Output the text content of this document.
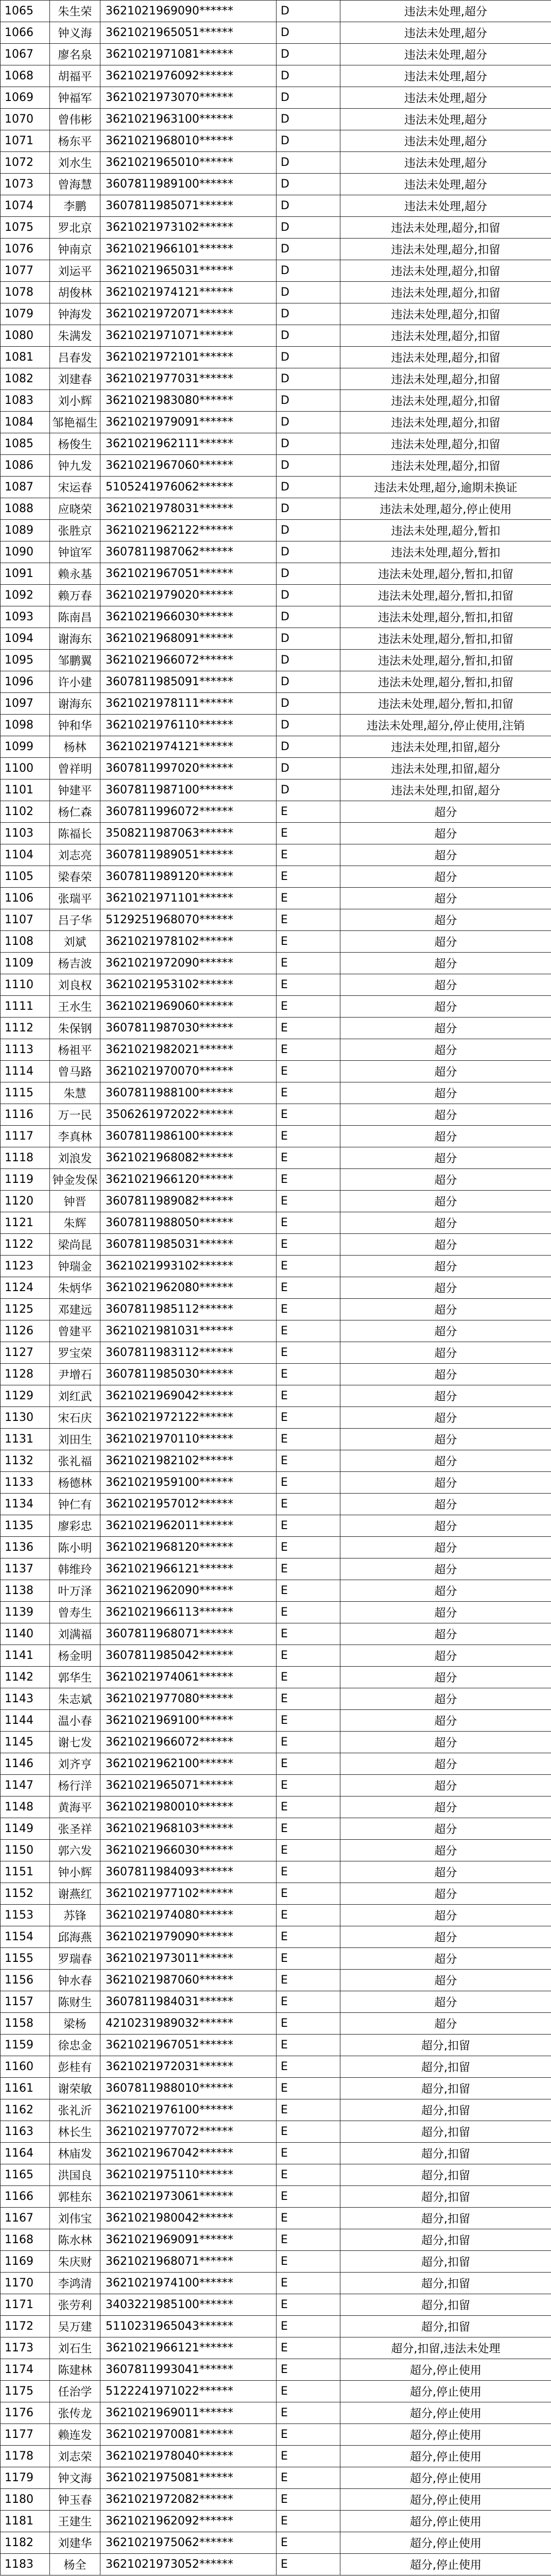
1065	朱生荣	3621021969090******	D	违法未处理,超分
1066	钟义海	3621021965051******	D	违法未处理,超分
1067	廖名泉	3621021971081******	D	违法未处理,超分
1068	胡福平	3621021976092******	D	违法未处理,超分
1069	钟福军	3621021973070******	D	违法未处理,超分
1070	曾伟彬	3621021963100******	D	违法未处理,超分
1071	杨东平	3621021968010******	D	违法未处理,超分
1072	刘水生	3621021965010******	D	违法未处理,超分
1073	曾海慧	3607811989100******	D	违法未处理,超分
1074	李鹏	3607811985071******	D	违法未处理,超分
1075	罗北京	3621021973102******	D	违法未处理,超分,扣留
1076	钟南京	3621021966101******	D	违法未处理,超分,扣留
1077	刘运平	3621021965031******	D	违法未处理,超分,扣留
1078	胡俊林	3621021974121******	D	违法未处理,超分,扣留
1079	钟海发	3621021972071******	D	违法未处理,超分,扣留
1080	朱满发	3621021971071******	D	违法未处理,超分,扣留
1081	吕春发	3621021972101******	D	违法未处理,超分,扣留
1082	刘建春	3621021977031******	D	违法未处理,超分,扣留
1083	刘小辉	3621021983080******	D	违法未处理,超分,扣留
1084	邹艳福生	3621021979091******	D	违法未处理,超分,扣留
1085	杨俊生	3621021962111******	D	违法未处理,超分,扣留
1086	钟九发	3621021967060******	D	违法未处理,超分,扣留
1087	宋运春	5105241976062******	D	违法未处理,超分,逾期未换证
1088	应晓荣	3621021978031******	D	违法未处理,超分,停止使用
1089	张胜京	3621021962122******	D	违法未处理,超分,暂扣
1090	钟谊军	3607811987062******	D	违法未处理,超分,暂扣
1091	赖永基	3621021967051******	D	违法未处理,超分,暂扣,扣留
1092	赖万春	3621021979020******	D	违法未处理,超分,暂扣,扣留
1093	陈南昌	3621021966030******	D	违法未处理,超分,暂扣,扣留
1094	谢海东	3621021968091******	D	违法未处理,超分,暂扣,扣留
1095	邹鹏翼	3621021966072******	D	违法未处理,超分,暂扣,扣留
1096	许小建	3607811985091******	D	违法未处理,超分,暂扣,扣留
1097	谢海东	3621021978111******	D	违法未处理,超分,暂扣,扣留
1098	钟和华	3621021976110******	D	违法未处理,超分,停止使用,注销
1099	杨林	3621021974121******	D	违法未处理,扣留,超分
1100	曾祥明	3607811997020******	D	违法未处理,扣留,超分
1101	钟建平	3607811987100******	D	违法未处理,扣留,超分
1102	杨仁森	3607811996072******	E	超分
1103	陈福长	3508211987063******	E	超分
1104	刘志亮	3607811989051******	E	超分
1105	梁春荣	3607811989120******	E	超分
1106	张瑞平	3621021971101******	E	超分
1107	吕子华	5129251968070******	E	超分
1108	刘斌	3621021978102******	E	超分
1109	杨吉波	3621021972090******	E	超分
1110	刘良权	3621021953102******	E	超分
1111	王水生	3621021969060******	E	超分
1112	朱保钢	3607811987030******	E	超分
1113	杨祖平	3621021982021******	E	超分
1114	曾马路	3621021970070******	E	超分
1115	朱慧	3607811988100******	E	超分
1116	万一民	3506261972022******	E	超分
1117	李真林	3607811986100******	E	超分
1118	刘浪发	3621021968082******	E	超分
1119	钟金发保	3621021966120******	E	超分
1120	钟晋	3607811989082******	E	超分
1121	朱辉	3607811988050******	E	超分
1122	梁尚昆	3607811985031******	E	超分
1123	钟瑞金	3621021993102******	E	超分
1124	朱炳华	3621021962080******	E	超分
1125	邓建远	3607811985112******	E	超分
1126	曾建平	3621021981031******	E	超分
1127	罗宝荣	3607811983112******	E	超分
1128	尹增石	3607811985030******	E	超分
1129	刘红武	3621021969042******	E	超分
1130	宋石庆	3621021972122******	E	超分
1131	刘田生	3621021970110******	E	超分
1132	张礼福	3621021982102******	E	超分
1133	杨德林	3621021959100******	E	超分
1134	钟仁有	3621021957012******	E	超分
1135	廖彩忠	3621021962011******	E	超分
1136	陈小明	3621021968120******	E	超分
1137	韩维玲	3621021966121******	E	超分
1138	叶万泽	3621021962090******	E	超分
1139	曾寿生	3621021966113******	E	超分
1140	刘满福	3607811968071******	E	超分
1141	杨金明	3607811985042******	E	超分
1142	郭华生	3621021974061******	E	超分
1143	朱志斌	3621021977080******	E	超分
1144	温小春	3621021969100******	E	超分
1145	谢七发	3621021966072******	E	超分
1146	刘齐亨	3621021962100******	E	超分
1147	杨行洋	3621021965071******	E	超分
1148	黄海平	3621021980010******	E	超分
1149	张圣祥	3621021968103******	E	超分
1150	郭六发	3621021966030******	E	超分
1151	钟小辉	3607811984093******	E	超分
1152	谢燕红	3621021977102******	E	超分
1153	苏锋	3621021974080******	E	超分
1154	邱海燕	3621021979090******	E	超分
1155	罗瑞春	3621021973011******	E	超分
1156	钟水春	3621021987060******	E	超分
1157	陈财生	3607811984031******	E	超分
1158	梁杨	4210231989032******	E	超分
1159	徐忠金	3621021967051******	E	超分,扣留
1160	彭桂有	3621021972031******	E	超分,扣留
1161	谢荣敏	3607811988010******	E	超分,扣留
1162	张礼沂	3621021976100******	E	超分,扣留
1163	林长生	3621021977072******	E	超分,扣留
1164	林庙发	3621021967042******	E	超分,扣留
1165	洪国良	3621021975110******	E	超分,扣留
1166	郭桂东	3621021973061******	E	超分,扣留
1167	刘伟宝	3621021980042******	E	超分,扣留
1168	陈水林	3621021969091******	E	超分,扣留
1169	朱庆财	3621021968071******	E	超分,扣留
1170	李鸿清	3621021974100******	E	超分,扣留
1171	张劳利	3403221985100******	E	超分,扣留
1172	吴万建	5110231965043******	E	超分,扣留
1173	刘石生	3621021966121******	E	超分,扣留,违法未处理
1174	陈建林	3607811993041******	E	超分,停止使用
1175	任治学	5122241971022******	E	超分,停止使用
1176	张传龙	3621021969011******	E	超分,停止使用
1177	赖连发	3621021970081******	E	超分,停止使用
1178	刘志荣	3621021978040******	E	超分,停止使用
1179	钟文海	3621021975081******	E	超分,停止使用
1180	钟玉春	3621021972082******	E	超分,停止使用
1181	王建生	3621021962092******	E	超分,停止使用
1182	刘建华	3621021975062******	E	超分,停止使用
1183	杨全	3621021973052******	E	超分,停止使用
